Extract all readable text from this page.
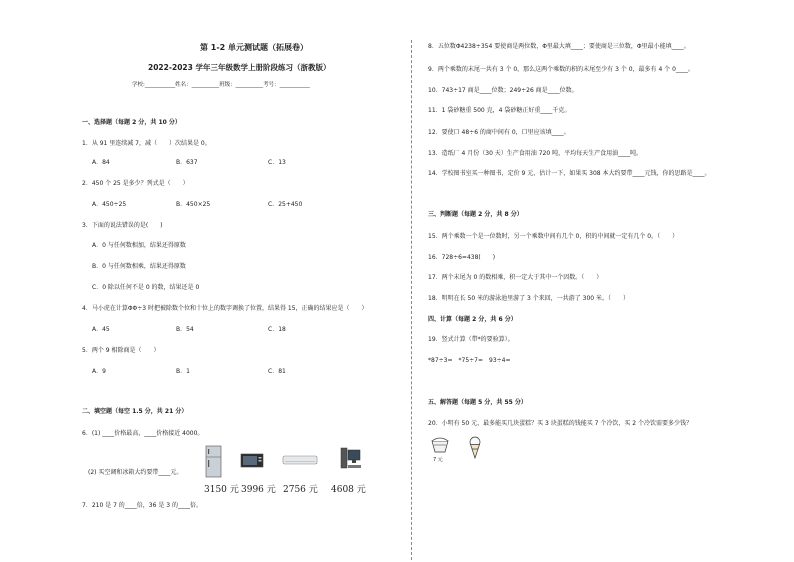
第 1-2 单元测试题（拓展卷）
2022-2023 学年三年级数学上册阶段练习（浙教版）
学校:___________姓名：__________班级：__________考号：___________
一、选择题（每题 2 分，共 10 分）
1．从 91 里连续减 7，减（　　）次结果是 0。
A．84	B．637	C．13
2．450 个 25 是多少？列式是（　　）
A．450÷25	B．450×25	C．25+450
3．下面的说法错误的是(　　)
A．0 与任何数相加，结果还得原数
B．0 与任何数相乘，结果还得原数
C．0 除以任何不是 0 的数，结果还是 0
4．马小虎在计算ΦΦ÷3 时把被除数个位和十位上的数字调换了位置，结果得 15，正确的结果应是（　　）
A．45	B．54	C．18
5．两个 9 相除商是（　　）
A．9	B．1	C．81
二、填空题（每空 1.5 分，共 21 分）
6．(1) ____价格最高，____价格接近 4000。
(2) 买空调和冰箱大约要带____元。
3150 元 3996 元 2756 元 4608 元
7．210 是 7 的____倍，36 是 3 的____倍。
8．五位数Φ4238÷354 要使商是两位数，Φ里最大填____；要使商是三位数，Φ里最小能填____。
9．两个乘数的末尾一共有 3 个 0，那么这两个乘数的积的末尾至少有 3 个 0，最多有 4 个 0____。
10．743÷17 商是____位数；249÷26 商是____位数。
11．1 袋砂糖重 500 克，4 袋砂糖正好重____千克。
12．要使口 48÷6 的商中间有 0，口里应该填____。
13．造纸厂 4 月份（30 天）生产食用油 720 吨，平均每天生产食用油____吨。
14．学校图书室买一种图书，定价 9 元，估计一下，如果买 308 本大约要带____元钱，你的思路是____。
三、判断题（每题 2 分，共 8 分）
15．两个乘数一个是一位数时，另一个乘数中间有几个 0，积的中间就一定有几个 0。（　　）
16．728÷6=438(　　)
17．两个末尾为 0 的数相乘，积一定大于其中一个因数。（　　）
18．明明在长 50 米的游泳池里游了 3 个来回，一共游了 300 米。（　　）
四、计算（每题 2 分，共 6 分）
19．竖式计算（带*的要验算）。
*87÷3=　*75÷7=　93÷4=
五、解答题（每题 5 分，共 55 分）
20．小明有 50 元，最多能买几块蛋糕？买 3 块蛋糕的钱能买 7 个冷饮，买 2 个冷饮需要多少钱？
7 元
